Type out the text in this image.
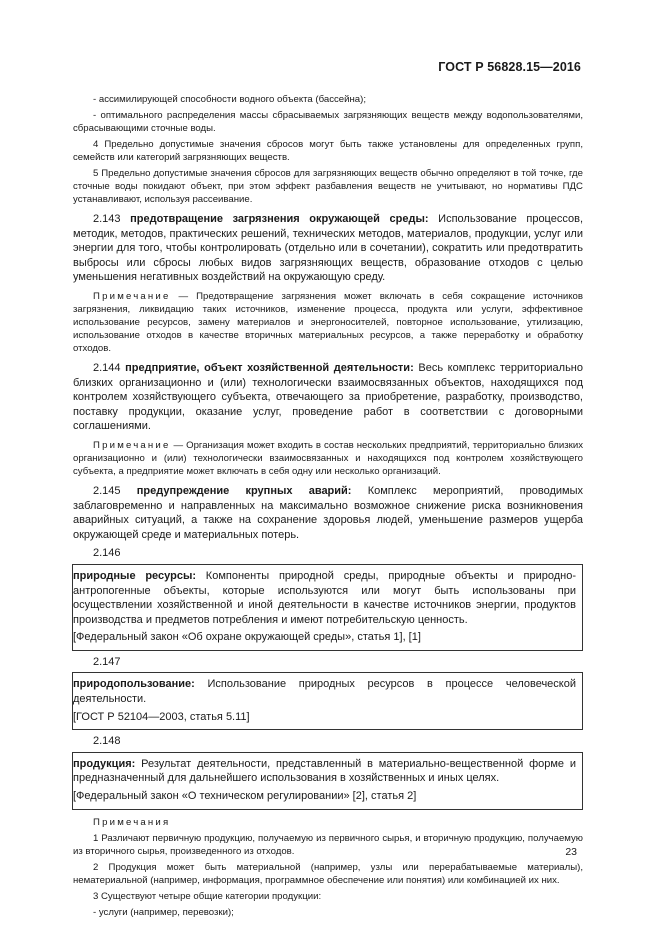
ГОСТ Р 56828.15—2016

- ассимилирующей способности водного объекта (бассейна);

- оптимального распределения массы сбрасываемых загрязняющих веществ между водопользователями, сбрасывающими сточные воды.

4 Предельно допустимые значения сбросов могут быть также установлены для определенных групп, семейств или категорий загрязняющих веществ.

5 Предельно допустимые значения сбросов для загрязняющих веществ обычно определяют в той точке, где сточные воды покидают объект, при этом эффект разбавления веществ не учитывают, но нормативы ПДС устанавливают, используя рассеивание.

2.143 предотвращение загрязнения окружающей среды: Использование процессов, методик, методов, практических решений, технических методов, материалов, продукции, услуг или энергии для того, чтобы контролировать (отдельно или в сочетании), сократить или предотвратить выбросы или сбросы любых видов загрязняющих веществ, образование отходов с целью уменьшения негативных воздействий на окружающую среду.

Примечание — Предотвращение загрязнения может включать в себя сокращение источников загрязнения, ликвидацию таких источников, изменение процесса, продукта или услуги, эффективное использование ресурсов, замену материалов и энергоносителей, повторное использование, утилизацию, использование отходов в качестве вторичных материальных ресурсов, а также переработку и обработку отходов.

2.144 предприятие, объект хозяйственной деятельности: Весь комплекс территориально близких организационно и (или) технологически взаимосвязанных объектов, находящихся под контролем хозяйствующего субъекта, отвечающего за приобретение, разработку, производство, поставку продукции, оказание услуг, проведение работ в соответствии с договорными соглашениями.

Примечание — Организация может входить в состав нескольких предприятий, территориально близких организационно и (или) технологически взаимосвязанных и находящихся под контролем хозяйствующего субъекта, а предприятие может включать в себя одну или несколько организаций.

2.145 предупреждение крупных аварий: Комплекс мероприятий, проводимых заблаговременно и направленных на максимально возможное снижение риска возникновения аварийных ситуаций, а также на сохранение здоровья людей, уменьшение размеров ущерба окружающей среде и материальных потерь.

2.146

природные ресурсы: Компоненты природной среды, природные объекты и природно-антропогенные объекты, которые используются или могут быть использованы при осуществлении хозяйственной и иной деятельности в качестве источников энергии, продуктов производства и предметов потребления и имеют потребительскую ценность.

[Федеральный закон «Об охране окружающей среды», статья 1], [1]

2.147

природопользование: Использование природных ресурсов в процессе человеческой деятельности.

[ГОСТ Р 52104—2003, статья 5.11]

2.148

продукция: Результат деятельности, представленный в материально-вещественной форме и предназначенный для дальнейшего использования в хозяйственных и иных целях.

[Федеральный закон «О техническом регулировании» [2], статья 2]

Примечания

1 Различают первичную продукцию, получаемую из первичного сырья, и вторичную продукцию, получаемую из вторичного сырья, произведенного из отходов.

2 Продукция может быть материальной (например, узлы или перерабатываемые материалы), нематериальной (например, информация, программное обеспечение или понятия) или комбинацией их них.

3 Существуют четыре общие категории продукции:

- услуги (например, перевозки);

23
